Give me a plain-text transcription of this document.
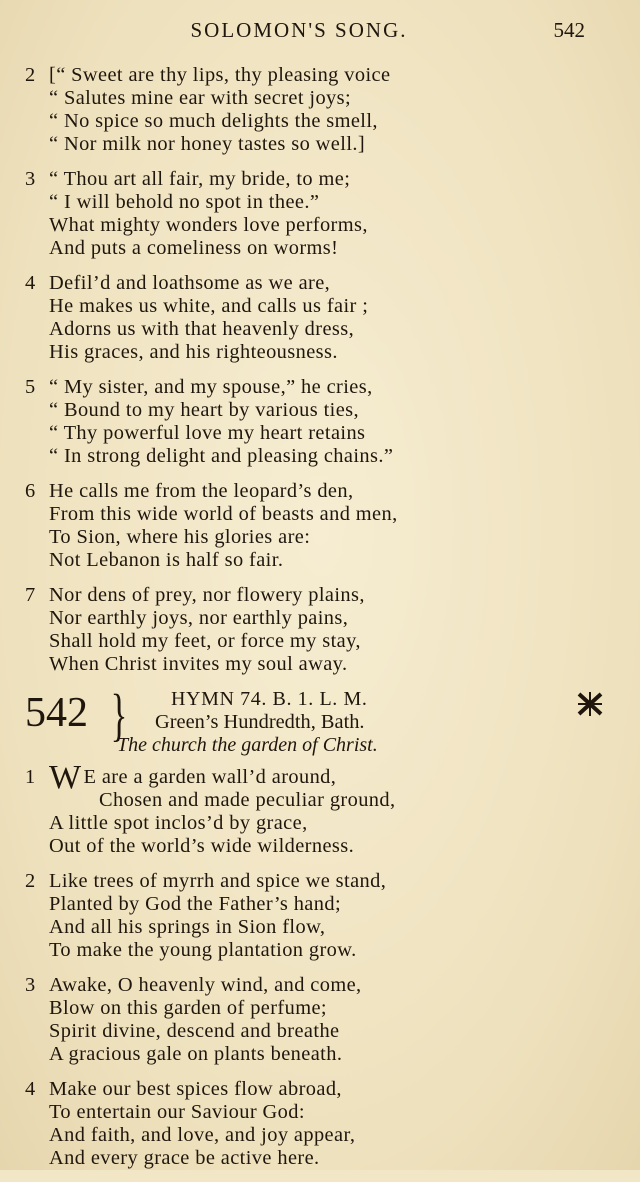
SOLOMON'S SONG.	542
2 [“ Sweet are thy lips, thy pleasing voice
“ Salutes mine ear with secret joys;
“ No spice so much delights the smell,
“ Nor milk nor honey tastes so well.]
3 “ Thou art all fair, my bride, to me;
“ I will behold no spot in thee.”
What mighty wonders love performs,
And puts a comeliness on worms!
4 Defil’d and loathsome as we are,
He makes us white, and calls us fair ;
Adorns us with that heavenly dress,
His graces, and his righteousness.
5 “ My sister, and my spouse,” he cries,
“ Bound to my heart by various ties,
“ Thy powerful love my heart retains
“ In strong delight and pleasing chains.”
6 He calls me from the leopard’s den,
From this wide world of beasts and men,
To Sion, where his glories are:
Not Lebanon is half so fair.
7 Nor dens of prey, nor flowery plains,
Nor earthly joys, nor earthly pains,
Shall hold my feet, or force my stay,
When Christ invites my soul away.
542 } HYMN 74. B. 1. L. M.
Green’s Hundredth, Bath.
The church the garden of Christ.
1 WE are a garden wall’d around,
Chosen and made peculiar ground,
A little spot inclos’d by grace,
Out of the world’s wide wilderness.
2 Like trees of myrrh and spice we stand,
Planted by God the Father’s hand;
And all his springs in Sion flow,
To make the young plantation grow.
3 Awake, O heavenly wind, and come,
Blow on this garden of perfume;
Spirit divine, descend and breathe
A gracious gale on plants beneath.
4 Make our best spices flow abroad,
To entertain our Saviour God:
And faith, and love, and joy appear,
And every grace be active here.
